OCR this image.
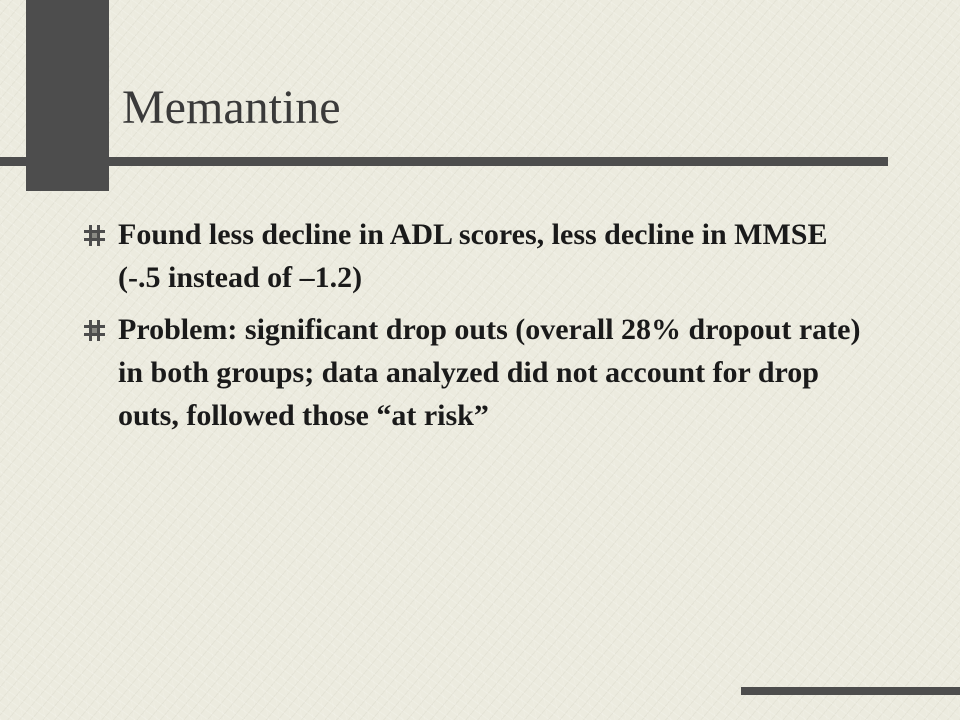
Memantine
Found less decline in ADL scores, less decline in MMSE (-.5 instead of –1.2)
Problem: significant drop outs (overall 28% dropout rate) in both groups; data analyzed did not account for drop outs, followed those “at risk”
